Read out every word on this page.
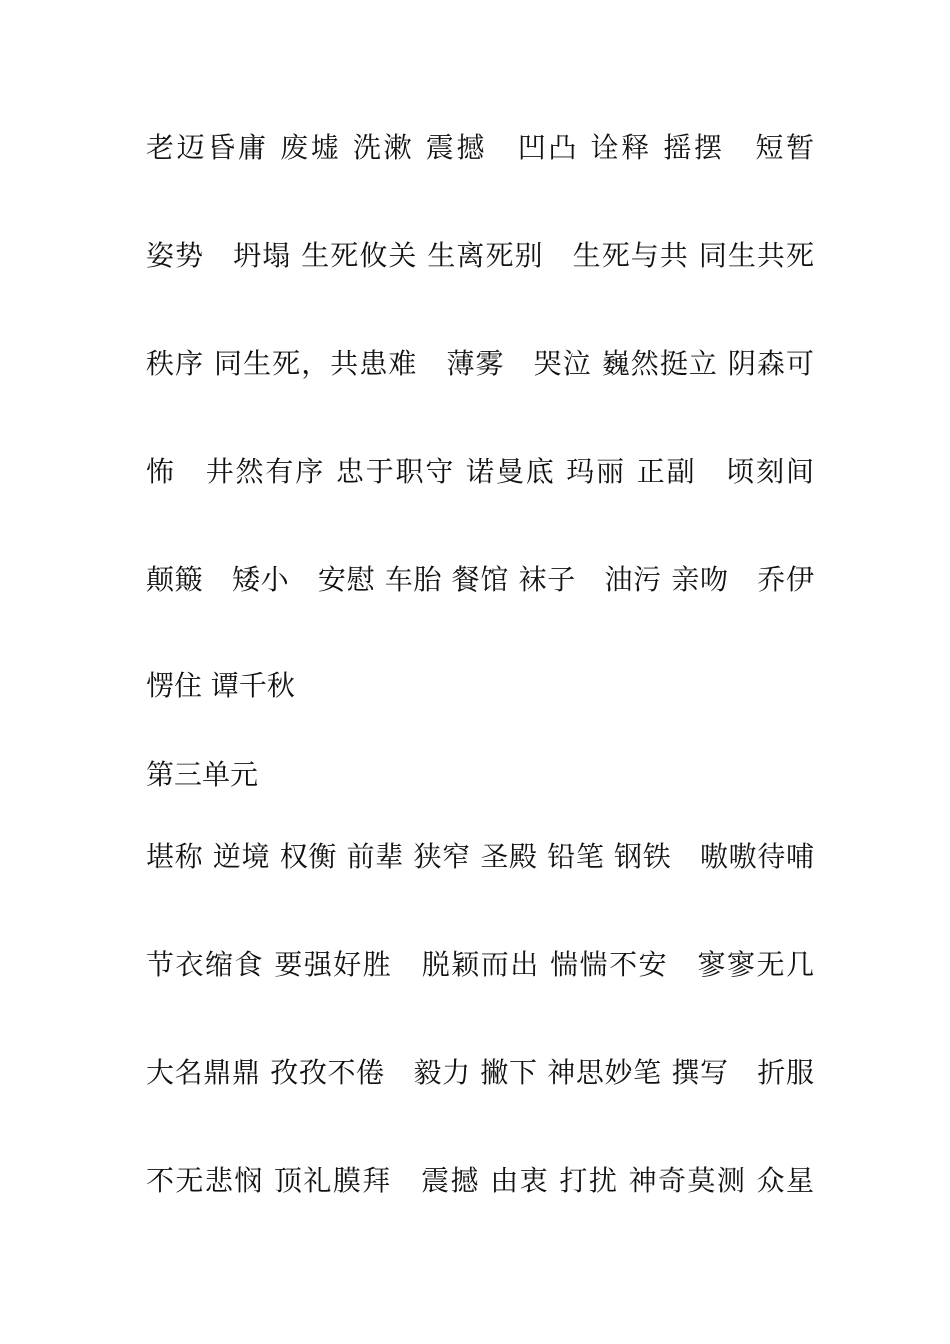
老迈昏庸 废墟 洗漱 震撼　凹凸 诠释 摇摆　短暂
姿势　坍塌 生死攸关 生离死别　生死与共 同生共死
秩序 同生死，共患难　薄雾　哭泣 巍然挺立 阴森可
怖　井然有序 忠于职守 诺曼底 玛丽 正副　顷刻间
颠簸　矮小　安慰 车胎 餐馆 袜子　油污 亲吻　乔伊
愣住 谭千秋
第三单元
堪称 逆境 权衡 前辈 狭窄 圣殿 铅笔 钢铁　嗷嗷待哺
节衣缩食 要强好胜　脱颖而出 惴惴不安　寥寥无几
大名鼎鼎 孜孜不倦　毅力 撇下 神思妙笔 撰写　折服
不无悲悯 顶礼膜拜　震撼 由衷 打扰 神奇莫测 众星
